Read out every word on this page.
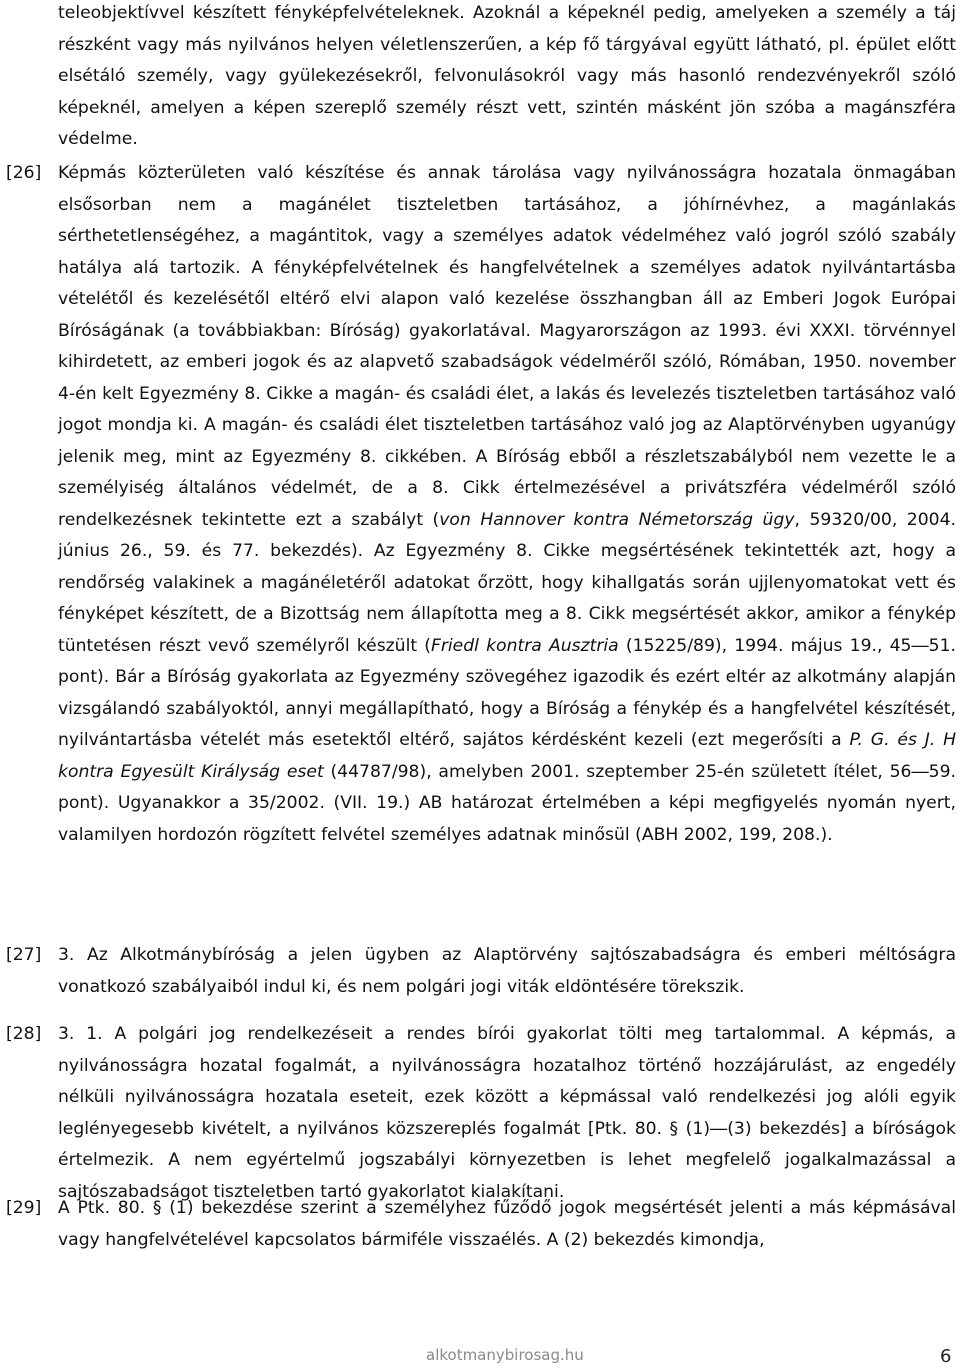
teleobjektívvel készített fényképfelvételeknek. Azoknál a képeknél pedig, amelyeken a személy a táj részként vagy más nyilvános helyen véletlenszerűen, a kép fő tárgyával együtt látható, pl. épület előtt elsétáló személy, vagy gyülekezésekről, felvonulásokról vagy más hasonló rendezvényekről szóló képeknél, amelyen a képen szereplő személy részt vett, szintén másként jön szóba a magánszféra védelme.
[26] Képmás közterületen való készítése és annak tárolása vagy nyilvánosságra hozatala önmagában elsősorban nem a magánélet tiszteletben tartásához, a jóhírnévhez, a magánlakás sérthetetlenségéhez, a magántitok, vagy a személyes adatok védelméhez való jogról szóló szabály hatálya alá tartozik. A fényképfelvételnek és hangfelvételnek a személyes adatok nyilvántartásba vételétől és kezelésétől eltérő elvi alapon való kezelése összhangban áll az Emberi Jogok Európai Bíróságának (a továbbiakban: Bíróság) gyakorlatával. Magyarországon az 1993. évi XXXI. törvénnyel kihirdetett, az emberi jogok és az alapvető szabadságok védelméről szóló, Rómában, 1950. november 4-én kelt Egyezmény 8. Cikke a magán- és családi élet, a lakás és levelezés tiszteletben tartásához való jogot mondja ki. A magán- és családi élet tiszteletben tartásához való jog az Alaptörvényben ugyanúgy jelenik meg, mint az Egyezmény 8. cikkében. A Bíróság ebből a részletszabályból nem vezette le a személyiség általános védelmét, de a 8. Cikk értelmezésével a privátszféra védelméről szóló rendelkezésnek tekintette ezt a szabályt (von Hannover kontra Németország ügy, 59320/00, 2004. június 26., 59. és 77. bekezdés). Az Egyezmény 8. Cikke megsértésének tekintették azt, hogy a rendőrség valakinek a magánéletéről adatokat őrzött, hogy kihallgatás során ujjlenyomatokat vett és fényképet készített, de a Bizottság nem állapította meg a 8. Cikk megsértését akkor, amikor a fénykép tüntetésen részt vevő személyről készült (Friedl kontra Ausztria (15225/89), 1994. május 19., 45―51. pont). Bár a Bíróság gyakorlata az Egyezmény szövegéhez igazodik és ezért eltér az alkotmány alapján vizsgálandó szabályoktól, annyi megállapítható, hogy a Bíróság a fénykép és a hangfelvétel készítését, nyilvántartásba vételét más esetektől eltérő, sajátos kérdésként kezeli (ezt megerősíti a P. G. és J. H kontra Egyesült Királyság eset (44787/98), amelyben 2001. szeptember 25-én született ítélet, 56―59. pont). Ugyanakkor a 35/2002. (VII. 19.) AB határozat értelmében a képi megfigyelés nyomán nyert, valamilyen hordozón rögzített felvétel személyes adatnak minősül (ABH 2002, 199, 208.).
[27] 3. Az Alkotmánybíróság a jelen ügyben az Alaptörvény sajtószabadságra és emberi méltóságra vonatkozó szabályaiból indul ki, és nem polgári jogi viták eldöntésére törekszik.
[28] 3. 1. A polgári jog rendelkezéseit a rendes bírói gyakorlat tölti meg tartalommal. A képmás, a nyilvánosságra hozatal fogalmát, a nyilvánosságra hozatalhoz történő hozzájárulást, az engedély nélküli nyilvánosságra hozatala eseteit, ezek között a képmással való rendelkezési jog alóli egyik leglényegesebb kivételt, a nyilvános közszereplés fogalmát [Ptk. 80. § (1)―(3) bekezdés] a bíróságok értelmezik. A nem egyértelmű jogszabályi környezetben is lehet megfelelő jogalkalmazással a sajtószabadságot tiszteletben tartó gyakorlatot kialakítani.
[29] A Ptk. 80. § (1) bekezdése szerint a személyhez fűződő jogok megsértését jelenti a más képmásával vagy hangfelvételével kapcsolatos bármiféle visszaélés. A (2) bekezdés kimondja,
alkotmanybirosag.hu	6
